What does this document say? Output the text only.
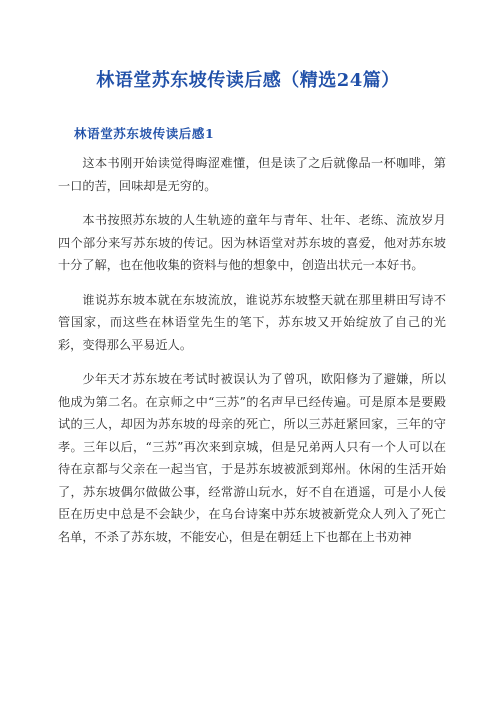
林语堂苏东坡传读后感（精选24篇）
林语堂苏东坡传读后感1

这本书刚开始读觉得晦涩难懂，但是读了之后就像品一杯咖啡，第一口的苦，回味却是无穷的。

本书按照苏东坡的人生轨迹的童年与青年、壮年、老练、流放岁月四个部分来写苏东坡的传记。因为林语堂对苏东坡的喜爱，他对苏东坡十分了解，也在他收集的资料与他的想象中，创造出状元一本好书。

谁说苏东坡本就在东坡流放，谁说苏东坡整天就在那里耕田写诗不管国家，而这些在林语堂先生的笔下，苏东坡又开始绽放了自己的光彩，变得那么平易近人。

少年天才苏东坡在考试时被误认为了曾巩，欧阳修为了避嫌，所以他成为第二名。在京师之中“三苏”的名声早已经传遍。可是原本是要殿试的三人，却因为苏东坡的母亲的死亡，所以三苏赶紧回家，三年的守孝。三年以后，“三苏”再次来到京城，但是兄弟两人只有一个人可以在待在京都与父亲在一起当官，于是苏东坡被派到郑州。休闲的生活开始了，苏东坡偶尔做做公事，经常游山玩水，好不自在逍遥，可是小人佞臣在历史中总是不会缺少，在乌台诗案中苏东坡被新党众人列入了死亡名单，不杀了苏东坡，不能安心，但是在朝廷上下也都在上书劝神
